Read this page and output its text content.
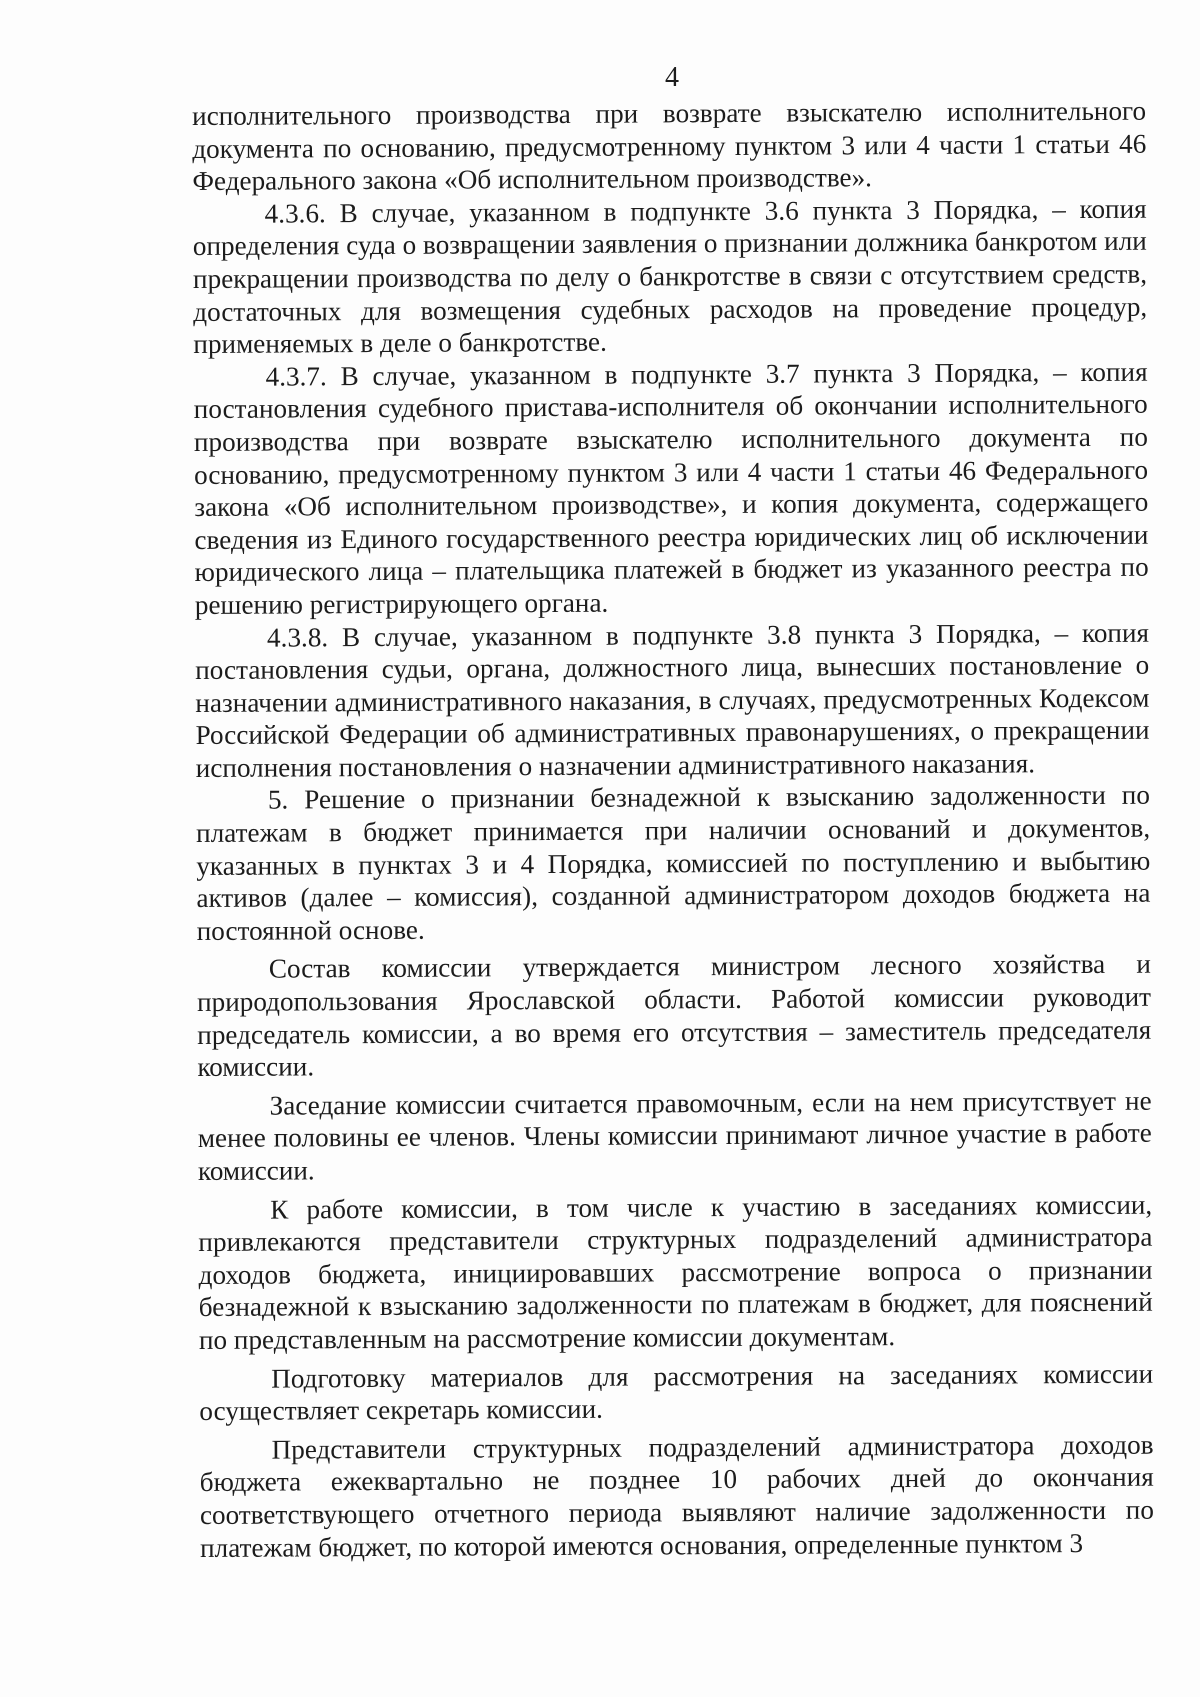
4

исполнительного производства при возврате взыскателю исполнительного документа по основанию, предусмотренному пунктом 3 или 4 части 1 статьи 46 Федерального закона «Об исполнительном производстве».

4.3.6. В случае, указанном в подпункте 3.6 пункта 3 Порядка, – копия определения суда о возвращении заявления о признании должника банкротом или прекращении производства по делу о банкротстве в связи с отсутствием средств, достаточных для возмещения судебных расходов на проведение процедур, применяемых в деле о банкротстве.

4.3.7. В случае, указанном в подпункте 3.7 пункта 3 Порядка, – копия постановления судебного пристава-исполнителя об окончании исполнительного производства при возврате взыскателю исполнительного документа по основанию, предусмотренному пунктом 3 или 4 части 1 статьи 46 Федерального закона «Об исполнительном производстве», и копия документа, содержащего сведения из Единого государственного реестра юридических лиц об исключении юридического лица – плательщика платежей в бюджет из указанного реестра по решению регистрирующего органа.

4.3.8. В случае, указанном в подпункте 3.8 пункта 3 Порядка, – копия постановления судьи, органа, должностного лица, вынесших постановление о назначении административного наказания, в случаях, предусмотренных Кодексом Российской Федерации об административных правонарушениях, о прекращении исполнения постановления о назначении административного наказания.

5. Решение о признании безнадежной к взысканию задолженности по платежам в бюджет принимается при наличии оснований и документов, указанных в пунктах 3 и 4 Порядка, комиссией по поступлению и выбытию активов (далее – комиссия), созданной администратором доходов бюджета на постоянной основе.

Состав комиссии утверждается министром лесного хозяйства и природопользования Ярославской области. Работой комиссии руководит председатель комиссии, а во время его отсутствия – заместитель председателя комиссии.

Заседание комиссии считается правомочным, если на нем присутствует не менее половины ее членов. Члены комиссии принимают личное участие в работе комиссии.

К работе комиссии, в том числе к участию в заседаниях комиссии, привлекаются представители структурных подразделений администратора доходов бюджета, инициировавших рассмотрение вопроса о признании безнадежной к взысканию задолженности по платежам в бюджет, для пояснений по представленным на рассмотрение комиссии документам.

Подготовку материалов для рассмотрения на заседаниях комиссии осуществляет секретарь комиссии.

Представители структурных подразделений администратора доходов бюджета ежеквартально не позднее 10 рабочих дней до окончания соответствующего отчетного периода выявляют наличие задолженности по платежам бюджет, по которой имеются основания, определенные пунктом 3
